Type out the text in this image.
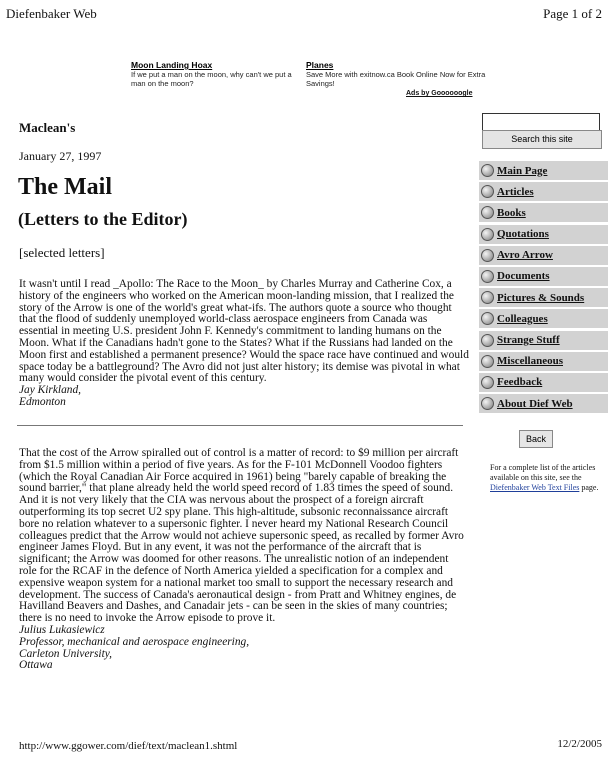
Diefenbaker Web	Page 1 of 2
Moon Landing Hoax
If we put a man on the moon, why can't we put a man on the moon?
Planes
Save More with exitnow.ca Book Online Now for Extra Savings!
Ads by Goooooogle
Maclean's
January 27, 1997
The Mail
(Letters to the Editor)
[selected letters]

It wasn't until I read _Apollo: The Race to the Moon_ by Charles Murray and Catherine Cox, a history of the engineers who worked on the American moon-landing mission, that I realized the story of the Arrow is one of the world's great what-ifs. The authors quote a source who thought that the flood of suddenly unemployed world-class aerospace engineers from Canada was essential in meeting U.S. president John F. Kennedy's commitment to landing humans on the Moon. What if the Canadians hadn't gone to the States? What if the Russians had landed on the Moon first and established a permanent presence? Would the space race have continued and would space today be a battleground? The Avro did not just alter history; its demise was pivotal in what many would consider the pivotal event of this century.

Jay Kirkland,
Edmonton

That the cost of the Arrow spiralled out of control is a matter of record: to $9 million per aircraft from $1.5 million within a period of five years. As for the F-101 McDonnell Voodoo fighters (which the Royal Canadian Air Force acquired in 1961) being "barely capable of breaking the sound barrier," that plane already held the world speed record of 1.83 times the speed of sound. And it is not very likely that the CIA was nervous about the prospect of a foreign aircraft outperforming its top secret U2 spy plane. This high-altitude, subsonic reconnaissance aircraft bore no relation whatever to a supersonic fighter. I never heard my National Research Council colleagues predict that the Arrow would not achieve supersonic speed, as recalled by former Avro engineer James Floyd. But in any event, it was not the performance of the aircraft that is significant; the Arrow was doomed for other reasons. The unrealistic notion of an independent role for the RCAF in the defence of North America yielded a specification for a complex and expensive weapon system for a national market too small to support the necessary research and development. The success of Canada's aeronautical design - from Pratt and Whitney engines, de Havilland Beavers and Dashes, and Canadair jets - can be seen in the skies of many countries; there is no need to invoke the Arrow episode to prove it.

Julius Lukasiewicz
Professor, mechanical and aerospace engineering,
Carleton University,
Ottawa
Search this site
Main Page
Articles
Books
Quotations
Avro Arrow
Documents
Pictures & Sounds
Colleagues
Strange Stuff
Miscellaneous
Feedback
About Dief Web
Back
For a complete list of the articles available on this site, see the Diefenbaker Web Text Files page.
http://www.ggower.com/dief/text/maclean1.shtml	12/2/2005
